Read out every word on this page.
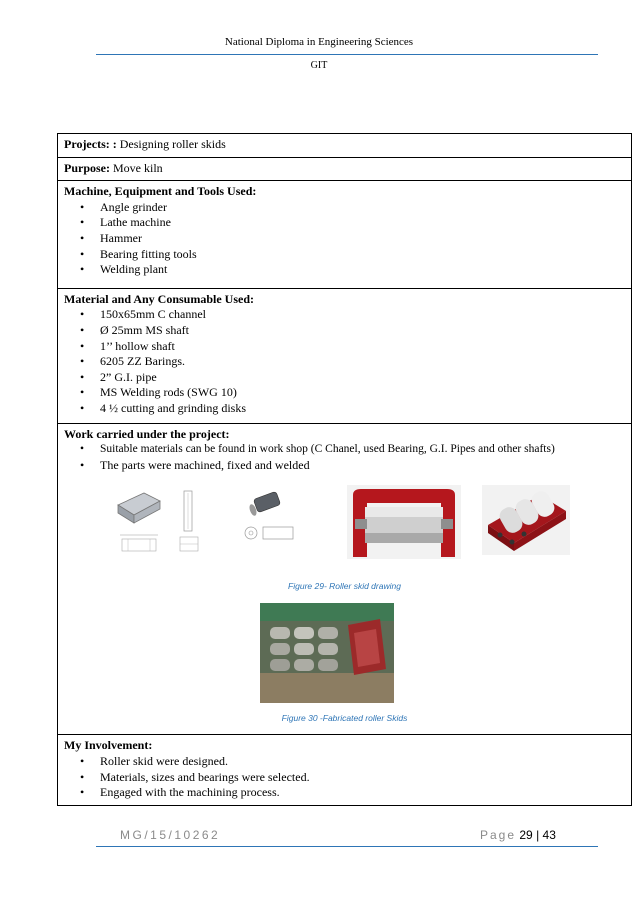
National Diploma in Engineering Sciences
GIT
Projects: : Designing roller skids
Purpose: Move kiln

Machine, Equipment and Tools Used:
• Angle grinder
• Lathe machine
• Hammer
• Bearing fitting tools
• Welding plant

Material and Any Consumable Used:
• 150x65mm C channel
• Ø 25mm MS shaft
• 1’’ hollow shaft
• 6205 ZZ Barings.
• 2” G.I. pipe
• MS Welding rods (SWG 10)
• 4 ½ cutting and grinding disks

Work carried under the project:
• Suitable materials can be found in work shop (C Chanel, used Bearing, G.I. Pipes and other shafts)
• The parts were machined, fixed and welded
Figure 29- Roller skid drawing
Figure 30 -Fabricated roller Skids

My Involvement:
• Roller skid were designed.
• Materials, sizes and bearings were selected.
• Engaged with the machining process.
MG/15/10262	Page 29 | 43
